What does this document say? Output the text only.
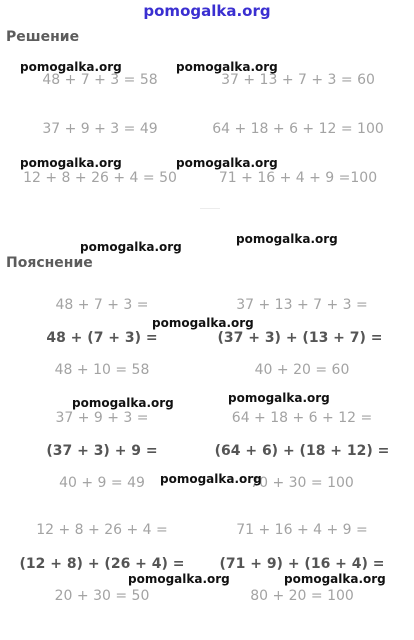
pomogalka.org
Решение
Пояснение
48 + 7 + 3 = 58	37 + 13 + 7 + 3 = 60
37 + 9 + 3 = 49	64 + 18 + 6 + 12 = 100
12 + 8 + 26 + 4 = 50	71 + 16 + 4 + 9 =100
48 + 7 + 3 =
48 + (7 + 3) =
48 + 10 = 58
37 + 13 + 7 + 3 =
(37 + 3) + (13 + 7) =
40 + 20 = 60
37 + 9 + 3 =
(37 + 3) + 9 =
40 + 9 = 49
64 + 18 + 6 + 12 =
(64 + 6) + (18 + 12) =
70 + 30 = 100
12 + 8 + 26 + 4 =
(12 + 8) + (26 + 4) =
20 + 30 = 50
71 + 16 + 4 + 9 =
(71 + 9) + (16 + 4) =
80 + 20 = 100
pomogalka.org	pomogalka.org
pomogalka.org	pomogalka.org
pomogalka.org
pomogalka.org
pomogalka.org
pomogalka.org	pomogalka.org
pomogalka.org
pomogalka.org	pomogalka.org
